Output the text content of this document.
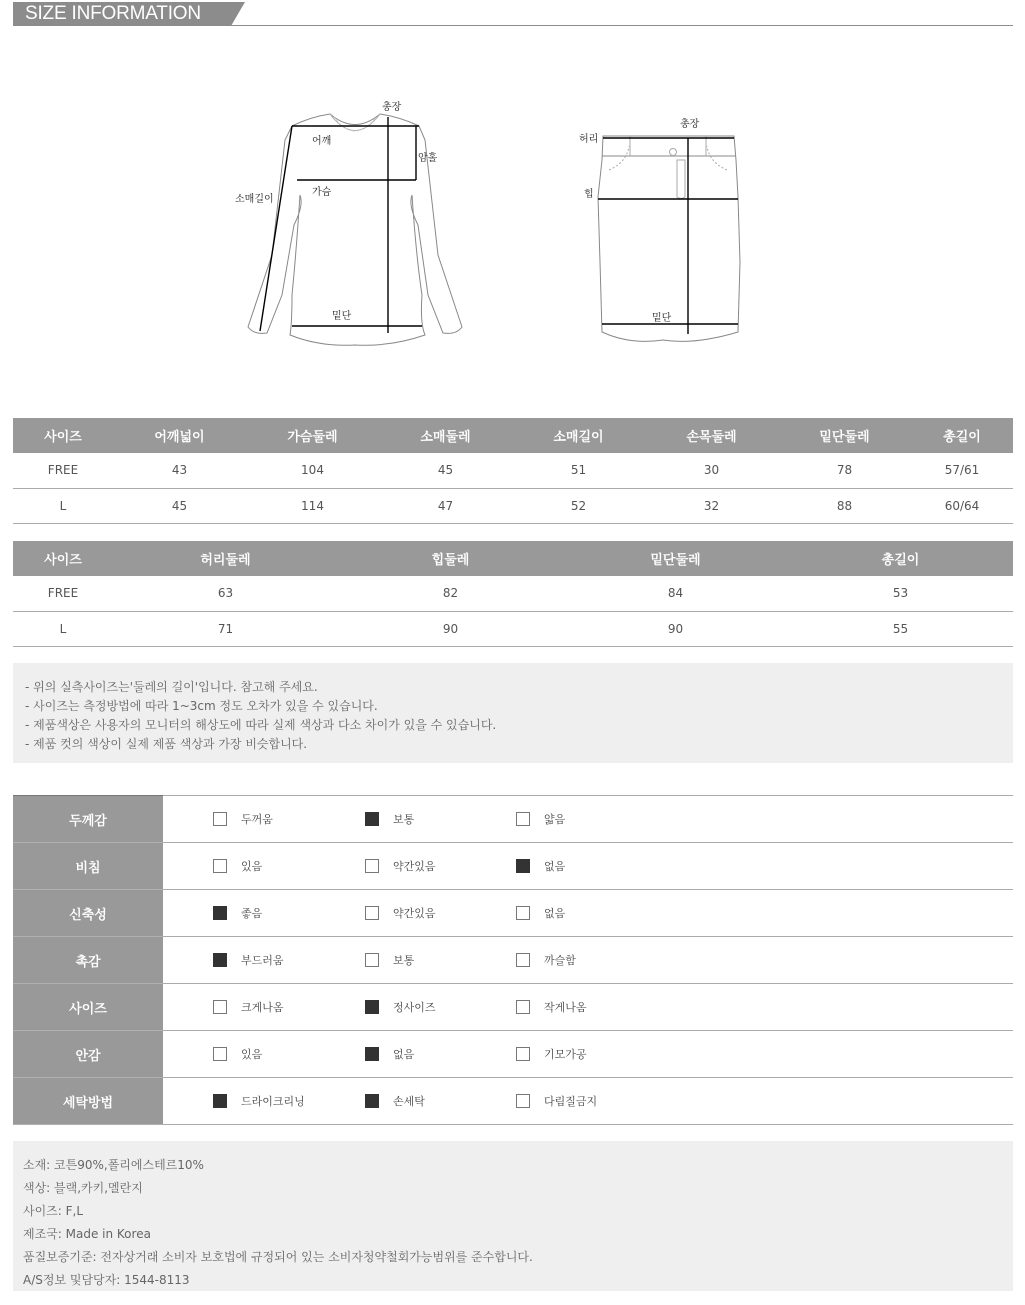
SIZE INFORMATION
총장
어깨
암홀
소매길이
가슴
밑단
총장
허리
힙
밑단
사이즈	어깨넓이	가슴둘레	소매둘레	소매길이	손목둘레	밑단둘레	총길이
FREE	43	104	45	51	30	78	57/61
L	45	114	47	52	32	88	60/64
사이즈	허리둘레	힙둘레	밑단둘레	총길이
FREE	63	82	84	53
L	71	90	90	55

- 위의 실측사이즈는'둘레의 길이'입니다. 참고해 주세요.

- 사이즈는 측정방법에 따라 1~3cm 정도 오차가 있을 수 있습니다.

- 제품색상은 사용자의 모니터의 해상도에 따라 실제 색상과 다소 차이가 있을 수 있습니다.

- 제품 컷의 색상이 실제 제품 색상과 가장 비슷합니다.

두께감	두꺼움 보통 얇음

비침	있음 약간있음 없음

신축성	좋음 약간있음 없음

촉감	부드러움 보통 까슬함

사이즈	크게나옴 정사이즈 작게나옴

안감	있음 없음 기모가공

세탁방법	드라이크리닝 손세탁 다림질금지

소재: 코튼90%,폴리에스테르10%

색상: 블랙,카키,멜란지

사이즈: F,L

제조국: Made in Korea

품질보증기준: 전자상거래 소비자 보호법에 규정되어 있는 소비자청약철회가능범위를 준수합니다.

A/S정보 및담당자: 1544-8113
